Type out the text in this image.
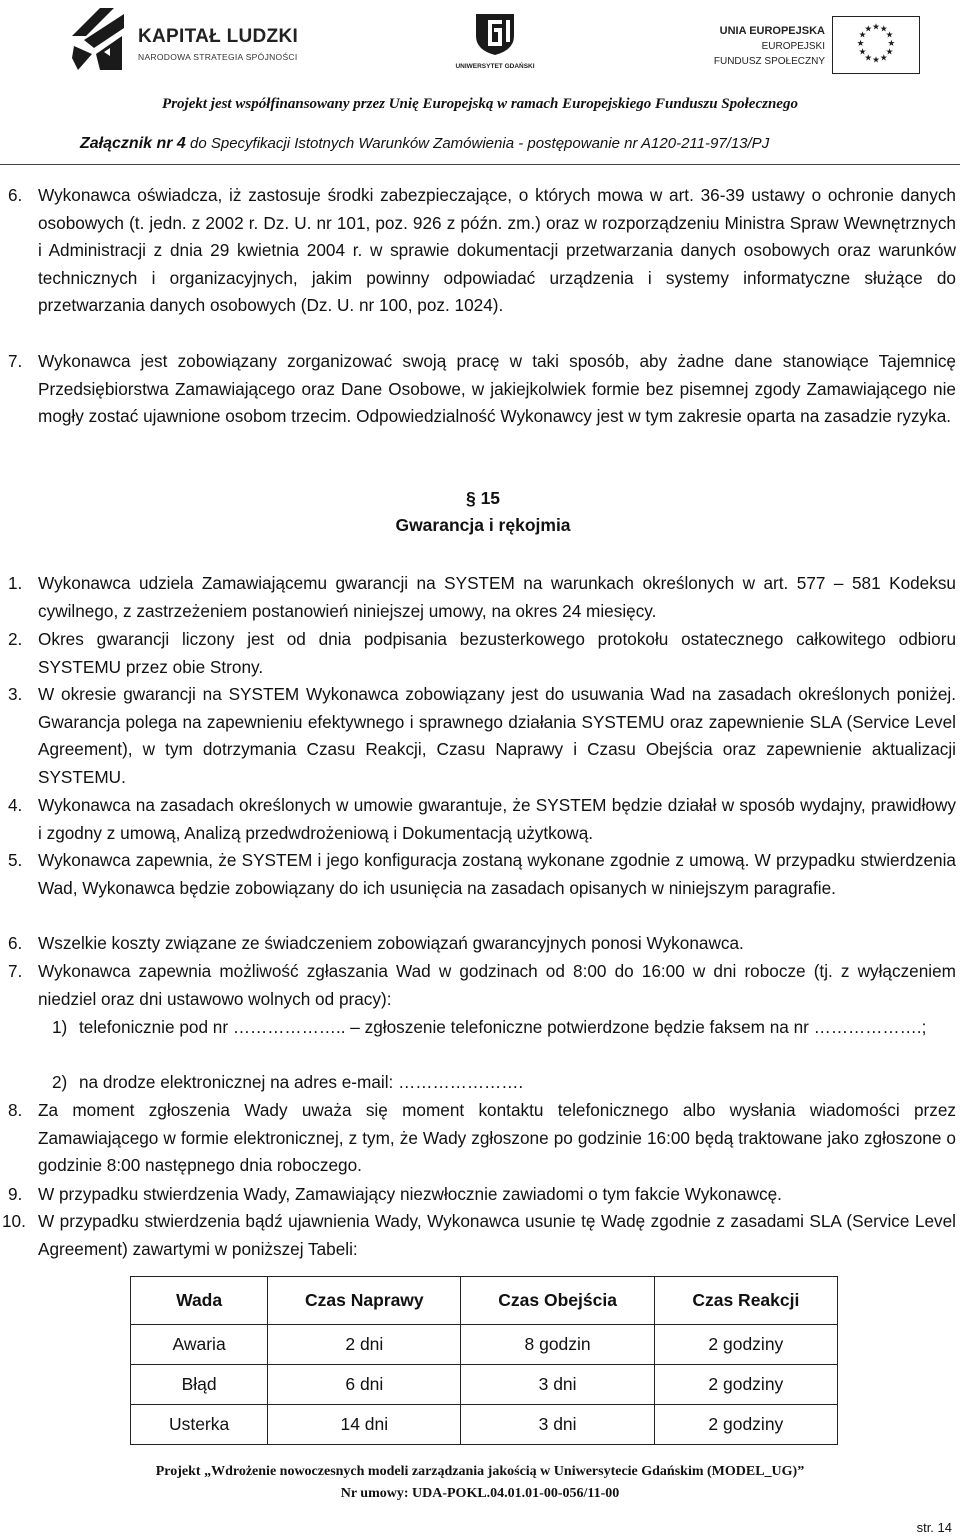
KAPITAŁ LUDZKI
NARODOWA STRATEGIA SPÓJNOŚCI
UNIWERSYTET GDAŃSKI
UNIA EUROPEJSKA
EUROPEJSKI
FUNDUSZ SPOŁECZNY
★ ★
★
★
★
★
★
★
★
★
★
★
Projekt jest współfinansowany przez Unię Europejską w ramach Europejskiego Funduszu Społecznego
Załącznik nr 4 do Specyfikacji Istotnych Warunków Zamówienia - postępowanie nr A120-211-97/13/PJ
6. Wykonawca oświadcza, iż zastosuje środki zabezpieczające, o których mowa w art. 36-39 ustawy o ochronie danych osobowych (t. jedn. z 2002 r. Dz. U. nr 101, poz. 926 z późn. zm.) oraz w rozporządzeniu Ministra Spraw Wewnętrznych i Administracji z dnia 29 kwietnia 2004 r. w sprawie dokumentacji przetwarzania danych osobowych oraz warunków technicznych i organizacyjnych, jakim powinny odpowiadać urządzenia i systemy informatyczne służące do przetwarzania danych osobowych (Dz. U. nr 100, poz. 1024).
7. Wykonawca jest zobowiązany zorganizować swoją pracę w taki sposób, aby żadne dane stanowiące Tajemnicę Przedsiębiorstwa Zamawiającego oraz Dane Osobowe, w jakiejkolwiek formie bez pisemnej zgody Zamawiającego nie mogły zostać ujawnione osobom trzecim. Odpowiedzialność Wykonawcy jest w tym zakresie oparta na zasadzie ryzyka.
§ 15
Gwarancja i rękojmia
1. Wykonawca udziela Zamawiającemu gwarancji na SYSTEM na warunkach określonych w art. 577 – 581 Kodeksu cywilnego, z zastrzeżeniem postanowień niniejszej umowy, na okres 24 miesięcy.
2. Okres gwarancji liczony jest od dnia podpisania bezusterkowego protokołu ostatecznego całkowitego odbioru SYSTEMU przez obie Strony.
3. W okresie gwarancji na SYSTEM Wykonawca zobowiązany jest do usuwania Wad na zasadach określonych poniżej. Gwarancja polega na zapewnieniu efektywnego i sprawnego działania SYSTEMU oraz zapewnienie SLA (Service Level Agreement), w tym dotrzymania Czasu Reakcji, Czasu Naprawy i Czasu Obejścia oraz zapewnienie aktualizacji SYSTEMU.
4. Wykonawca na zasadach określonych w umowie gwarantuje, że SYSTEM będzie działał w sposób wydajny, prawidłowy i zgodny z umową, Analizą przedwdrożeniową i Dokumentacją użytkową.
5. Wykonawca zapewnia, że SYSTEM i jego konfiguracja zostaną wykonane zgodnie z umową. W przypadku stwierdzenia Wad, Wykonawca będzie zobowiązany do ich usunięcia na zasadach opisanych w niniejszym paragrafie.
6. Wszelkie koszty związane ze świadczeniem zobowiązań gwarancyjnych ponosi Wykonawca.
7. Wykonawca zapewnia możliwość zgłaszania Wad w godzinach od 8:00 do 16:00 w dni robocze (tj. z wyłączeniem niedziel oraz dni ustawowo wolnych od pracy):
1) telefonicznie pod nr ……………….. – zgłoszenie telefoniczne potwierdzone będzie faksem na nr ……………….;
2) na drodze elektronicznej na adres e-mail: ………………….
8. Za moment zgłoszenia Wady uważa się moment kontaktu telefonicznego albo wysłania wiadomości przez Zamawiającego w formie elektronicznej, z tym, że Wady zgłoszone po godzinie 16:00 będą traktowane jako zgłoszone o godzinie 8:00 następnego dnia roboczego.
9. W przypadku stwierdzenia Wady, Zamawiający niezwłocznie zawiadomi o tym fakcie Wykonawcę.
10. W przypadku stwierdzenia bądź ujawnienia Wady, Wykonawca usunie tę Wadę zgodnie z zasadami SLA (Service Level Agreement) zawartymi w poniższej Tabeli:
Wada	Czas Naprawy	Czas Obejścia	Czas Reakcji
Awaria	2 dni	8 godzin	2 godziny
Błąd	6 dni	3 dni	2 godziny
Usterka	14 dni	3 dni	2 godziny
Projekt „Wdrożenie nowoczesnych modeli zarządzania jakością w Uniwersytecie Gdańskim (MODEL_UG)”
Nr umowy: UDA-POKL.04.01.01-00-056/11-00
str. 14
